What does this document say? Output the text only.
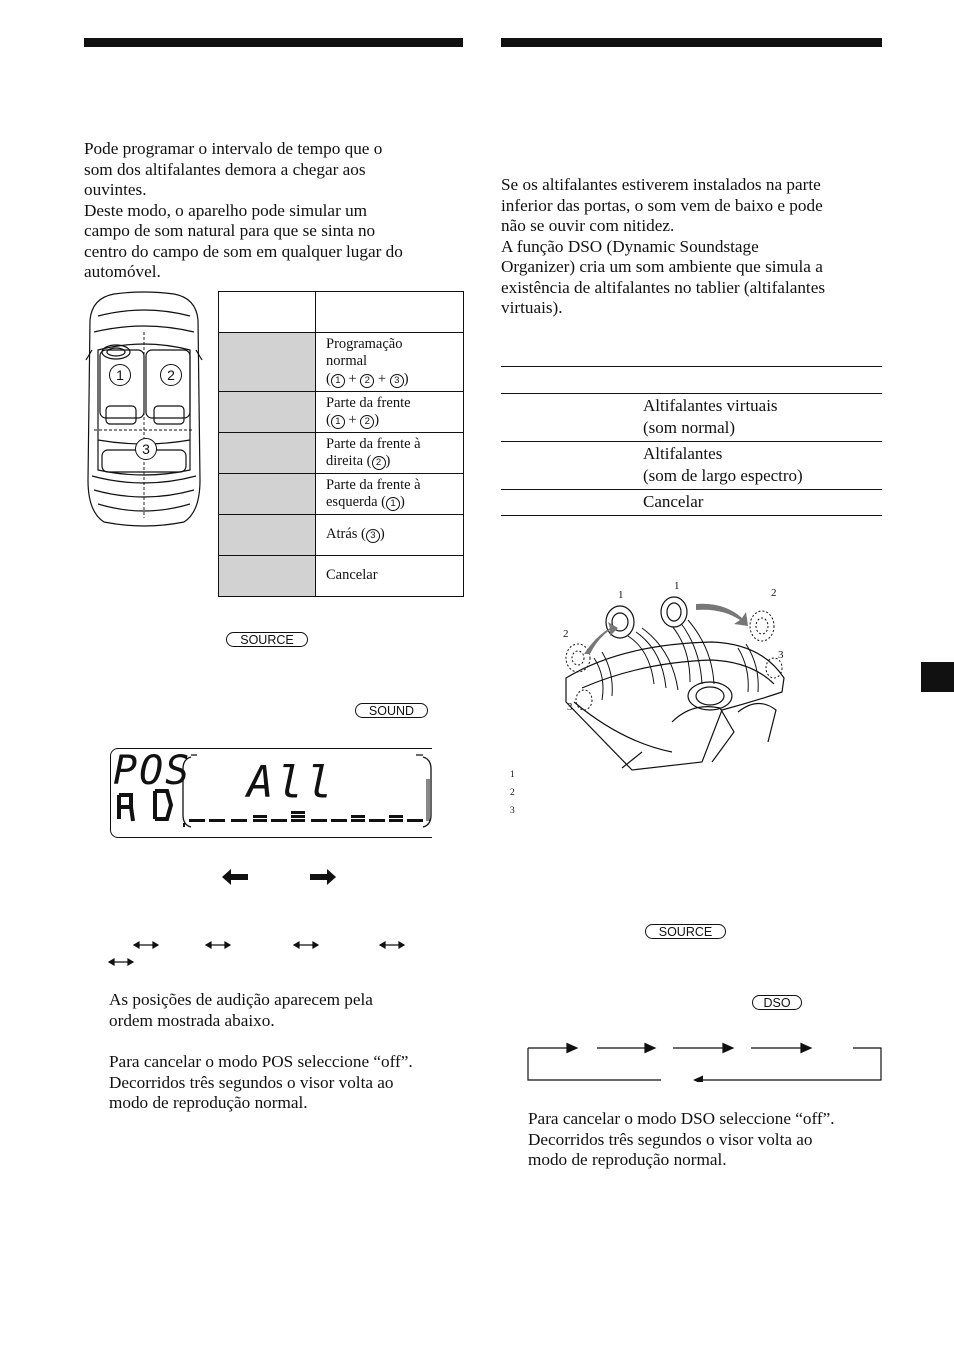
Pode programar o intervalo de tempo que o

som dos altifalantes demora a chegar aos

ouvintes.

Deste modo, o aparelho pode simular um

campo de som natural para que se sinta no

centro do campo de som em qualquer lugar do

automóvel.

1	2
3

	Programação
normal
( 1 + 2 + 3 )

	Parte da frente
( 1 + 2 )

	Parte da frente à
direita ( 2 )

	Parte da frente à
esquerda ( 1 )

	Atrás ( 3 )

	Cancelar
SOURCE
SOUND
POS All

As posições de audição aparecem pela

ordem mostrada abaixo.

Para cancelar o modo POS seleccione “off”.

Decorridos três segundos o visor volta ao

modo de reprodução normal.

Se os altifalantes estiverem instalados na parte

inferior das portas, o som vem de baixo e pode

não se ouvir com nitidez.

A função DSO (Dynamic Soundstage

Organizer) cria um som ambiente que simula a

existência de altifalantes no tablier (altifalantes

virtuais).

	Altifalantes virtuais
(som normal)

	Altifalantes
(som de largo espectro)

	Cancelar
1
2
1
2
3
3
1
2
3
SOURCE
DSO

Para cancelar o modo DSO seleccione “off”.

Decorridos três segundos o visor volta ao

modo de reprodução normal.
